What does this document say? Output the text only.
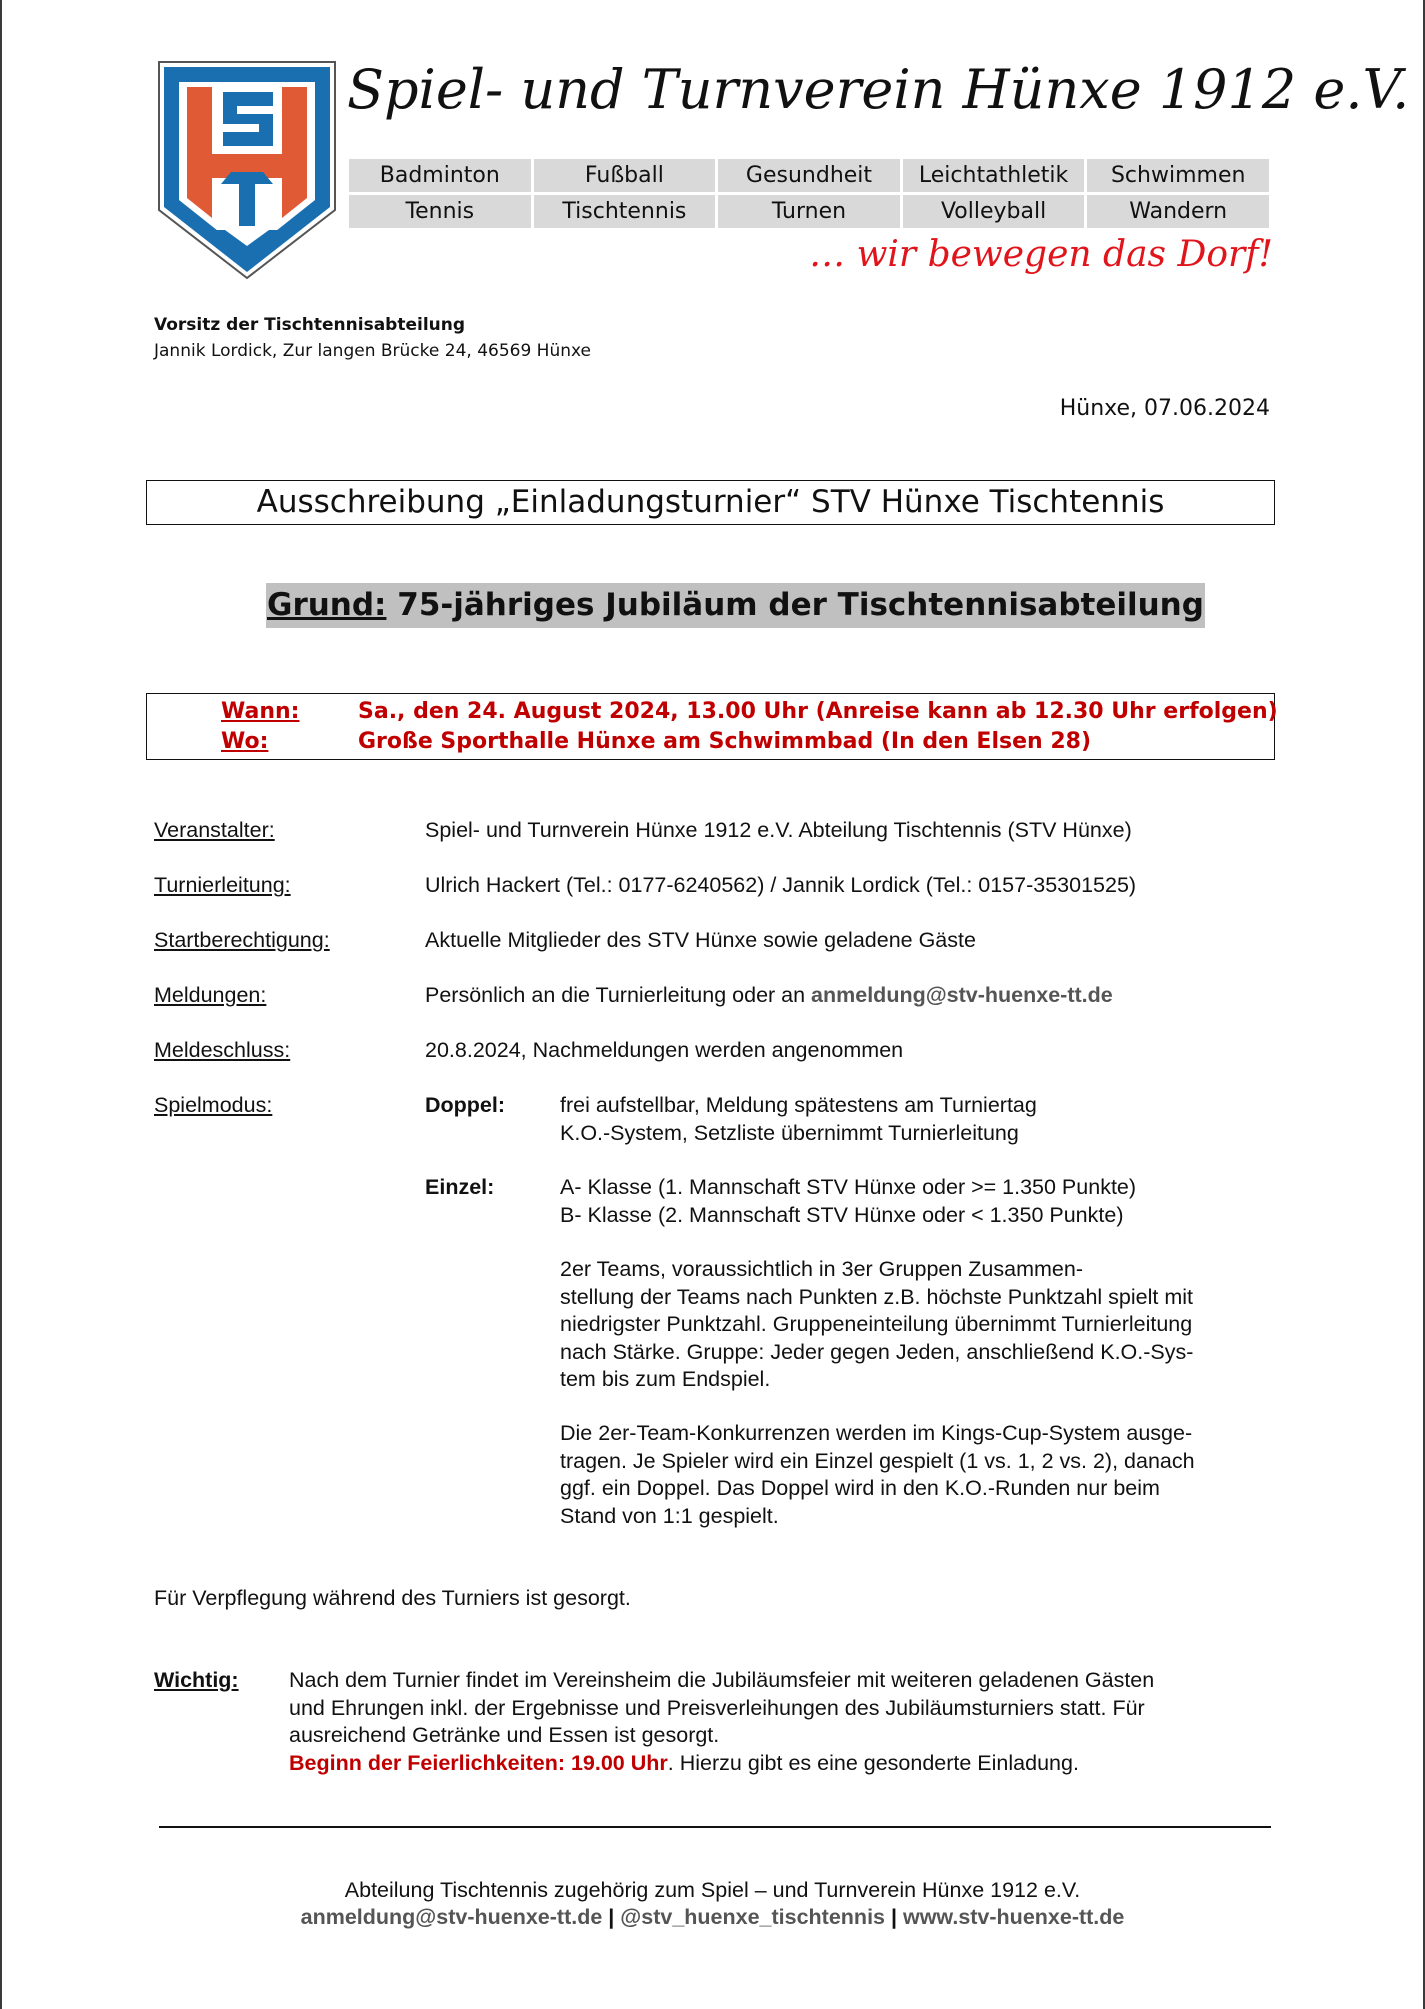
Spiel- und Turnverein Hünxe 1912 e.V.
Badminton	Fußball	Gesundheit	Leichtathletik	Schwimmen
Tennis	Tischtennis	Turnen	Volleyball	Wandern
… wir bewegen das Dorf!
Vorsitz der Tischtennisabteilung
Jannik Lordick, Zur langen Brücke 24, 46569 Hünxe
Hünxe, 07.06.2024
Ausschreibung „Einladungsturnier“ STV Hünxe Tischtennis
Grund: 75-jähriges Jubiläum der Tischtennisabteilung
Wann:	Sa., den 24. August 2024, 13.00 Uhr (Anreise kann ab 12.30 Uhr erfolgen)
Wo:	Große Sporthalle Hünxe am Schwimmbad (In den Elsen 28)
Veranstalter:	Spiel- und Turnverein Hünxe 1912 e.V. Abteilung Tischtennis (STV Hünxe)
Turnierleitung:	Ulrich Hackert (Tel.: 0177-6240562) / Jannik Lordick (Tel.: 0157-35301525)
Startberechtigung:	Aktuelle Mitglieder des STV Hünxe sowie geladene Gäste
Meldungen:	Persönlich an die Turnierleitung oder an anmeldung@stv-huenxe-tt.de
Meldeschluss:	20.8.2024, Nachmeldungen werden angenommen
Spielmodus:	Doppel:	frei aufstellbar, Meldung spätestens am Turniertag
K.O.-System, Setzliste übernimmt Turnierleitung
Einzel:	A- Klasse (1. Mannschaft STV Hünxe oder >= 1.350 Punkte)
B- Klasse (2. Mannschaft STV Hünxe oder < 1.350 Punkte)
2er Teams, voraussichtlich in 3er Gruppen Zusammen-
stellung der Teams nach Punkten z.B. höchste Punktzahl spielt mit
niedrigster Punktzahl. Gruppeneinteilung übernimmt Turnierleitung
nach Stärke. Gruppe: Jeder gegen Jeden, anschließend K.O.-Sys-
tem bis zum Endspiel.
Die 2er-Team-Konkurrenzen werden im Kings-Cup-System ausge-
tragen. Je Spieler wird ein Einzel gespielt (1 vs. 1, 2 vs. 2), danach
ggf. ein Doppel. Das Doppel wird in den K.O.-Runden nur beim
Stand von 1:1 gespielt.
Für Verpflegung während des Turniers ist gesorgt.
Wichtig: Nach dem Turnier findet im Vereinsheim die Jubiläumsfeier mit weiteren geladenen Gästen
und Ehrungen inkl. der Ergebnisse und Preisverleihungen des Jubiläumsturniers statt. Für
ausreichend Getränke und Essen ist gesorgt.
Beginn der Feierlichkeiten: 19.00 Uhr. Hierzu gibt es eine gesonderte Einladung.
Abteilung Tischtennis zugehörig zum Spiel – und Turnverein Hünxe 1912 e.V.
anmeldung@stv-huenxe-tt.de | @stv_huenxe_tischtennis | www.stv-huenxe-tt.de
